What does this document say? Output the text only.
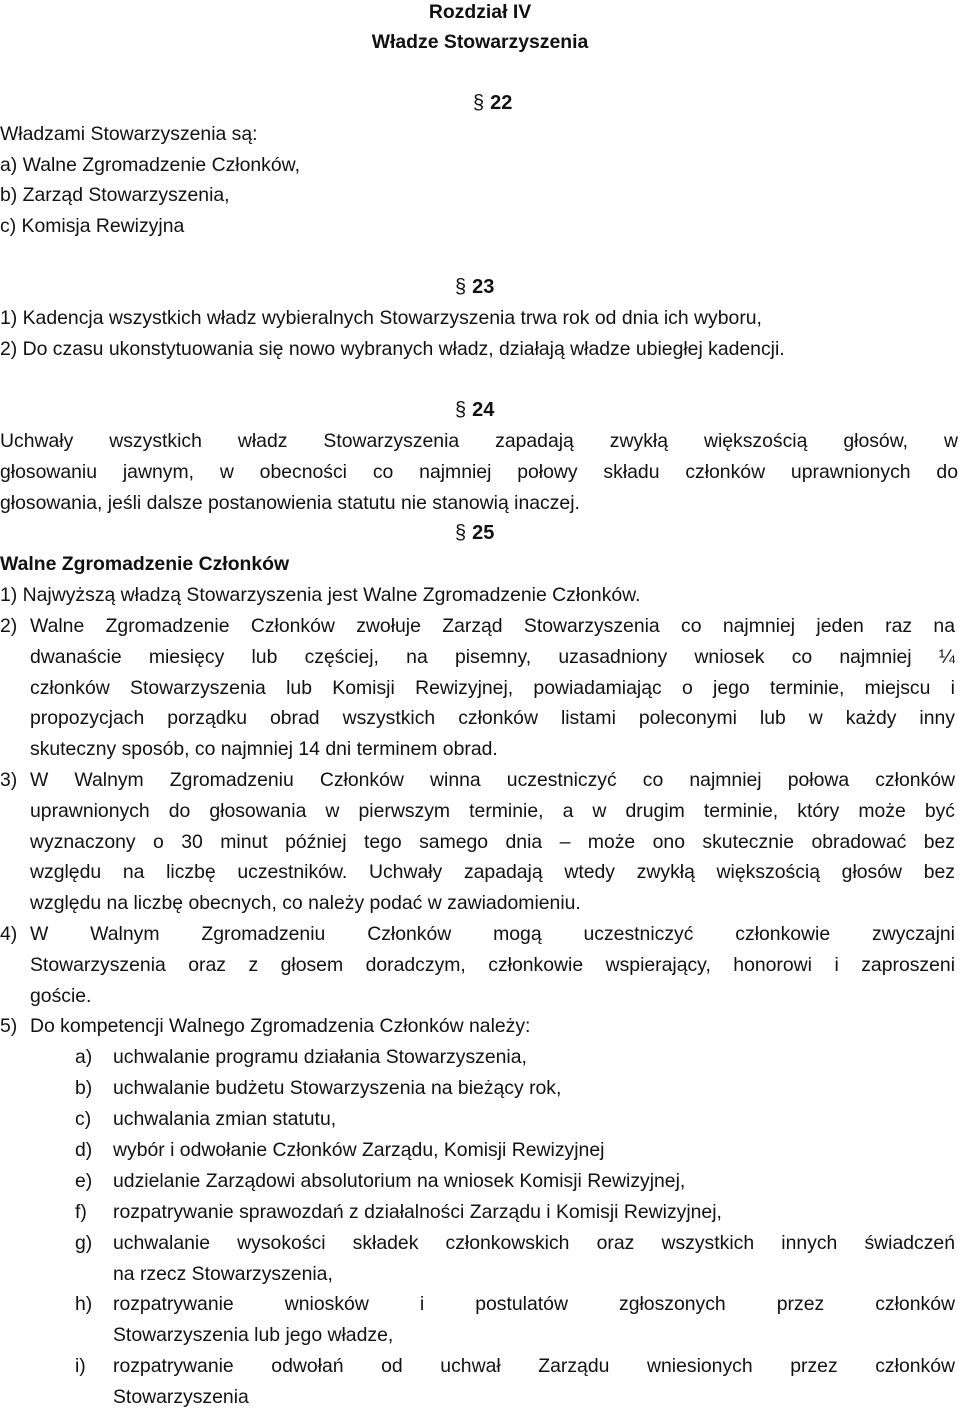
Rozdział IV

Władze Stowarzyszenia

§ 22

Władzami Stowarzyszenia są:

a) Walne Zgromadzenie Członków,

b) Zarząd Stowarzyszenia,

c) Komisja Rewizyjna

§ 23

1) Kadencja wszystkich władz wybieralnych Stowarzyszenia trwa rok od dnia ich wyboru,

2) Do czasu ukonstytuowania się nowo wybranych władz, działają władze ubiegłej kadencji.

§ 24

Uchwały wszystkich władz Stowarzyszenia zapadają zwykłą większością głosów, w

głosowaniu jawnym, w obecności co najmniej połowy składu członków uprawnionych do

głosowania, jeśli dalsze postanowienia statutu nie stanowią inaczej.

§ 25

Walne Zgromadzenie Członków

1) Najwyższą władzą Stowarzyszenia jest Walne Zgromadzenie Członków.

2) Walne Zgromadzenie Członków zwołuje Zarząd Stowarzyszenia co najmniej jeden raz na

dwanaście miesięcy lub częściej, na pisemny, uzasadniony wniosek co najmniej ¼

członków Stowarzyszenia lub Komisji Rewizyjnej, powiadamiając o jego terminie, miejscu i

propozycjach porządku obrad wszystkich członków listami poleconymi lub w każdy inny

skuteczny sposób, co najmniej 14 dni terminem obrad.

3) W Walnym Zgromadzeniu Członków winna uczestniczyć co najmniej połowa członków

uprawnionych do głosowania w pierwszym terminie, a w drugim terminie, który może być

wyznaczony o 30 minut później tego samego dnia – może ono skutecznie obradować bez

względu na liczbę uczestników. Uchwały zapadają wtedy zwykłą większością głosów bez

względu na liczbę obecnych, co należy podać w zawiadomieniu.

4) W Walnym Zgromadzeniu Członków mogą uczestniczyć członkowie zwyczajni

Stowarzyszenia oraz z głosem doradczym, członkowie wspierający, honorowi i zaproszeni

goście.

5) Do kompetencji Walnego Zgromadzenia Członków należy:

a) uchwalanie programu działania Stowarzyszenia,

b) uchwalanie budżetu Stowarzyszenia na bieżący rok,

c) uchwalania zmian statutu,

d) wybór i odwołanie Członków Zarządu, Komisji Rewizyjnej

e) udzielanie Zarządowi absolutorium na wniosek Komisji Rewizyjnej,

f) rozpatrywanie sprawozdań z działalności Zarządu i Komisji Rewizyjnej,

g) uchwalanie wysokości składek członkowskich oraz wszystkich innych świadczeń

na rzecz Stowarzyszenia,

h) rozpatrywanie wniosków i postulatów zgłoszonych przez członków

Stowarzyszenia lub jego władze,

i) rozpatrywanie odwołań od uchwał Zarządu wniesionych przez członków

Stowarzyszenia
